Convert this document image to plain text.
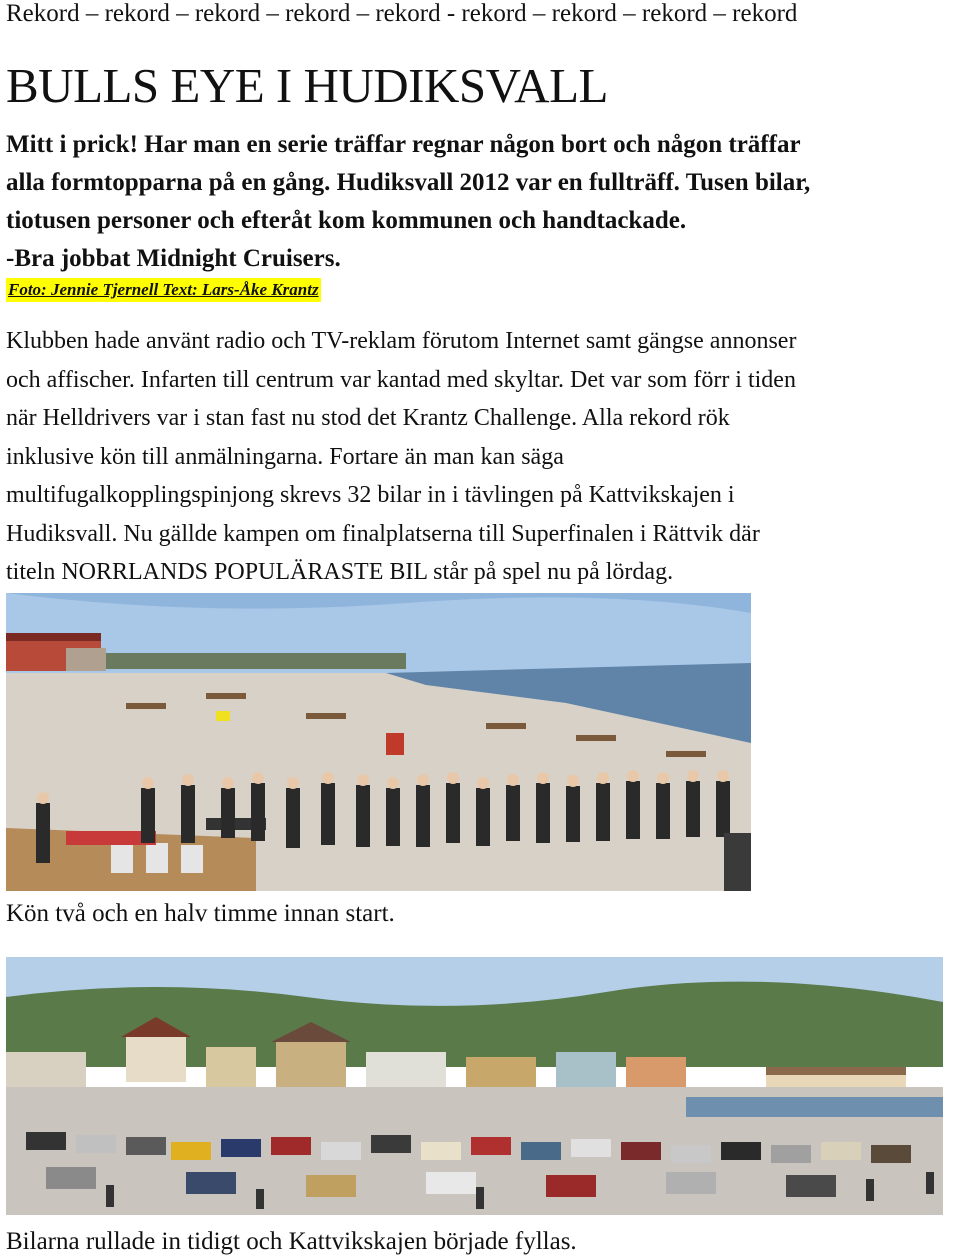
Rekord – rekord – rekord – rekord – rekord - rekord – rekord – rekord – rekord
BULLS EYE I HUDIKSVALL

Mitt i prick! Har man en serie träffar regnar någon bort och någon träffar

alla formtopparna på en gång. Hudiksvall 2012 var en fullträff. Tusen bilar,

tiotusen personer och efteråt kom kommunen och handtackade.

-Bra jobbat Midnight Cruisers.

Foto: Jennie Tjernell Text: Lars-Åke Krantz

Klubben hade använt radio och TV-reklam förutom Internet samt gängse annonser

och affischer. Infarten till centrum var kantad med skyltar. Det var som förr i tiden

när Helldrivers var i stan fast nu stod det Krantz Challenge. Alla rekord rök

inklusive kön till anmälningarna. Fortare än man kan säga

multifugalkopplingspinjong skrevs 32 bilar in i tävlingen på Kattvikskajen i

Hudiksvall. Nu gällde kampen om finalplatserna till Superfinalen i Rättvik där

titeln NORRLANDS POPULÄRASTE BIL står på spel nu på lördag.

Kön två och en halv timme innan start.
Bilarna rullade in tidigt och Kattvikskajen började fyllas.
